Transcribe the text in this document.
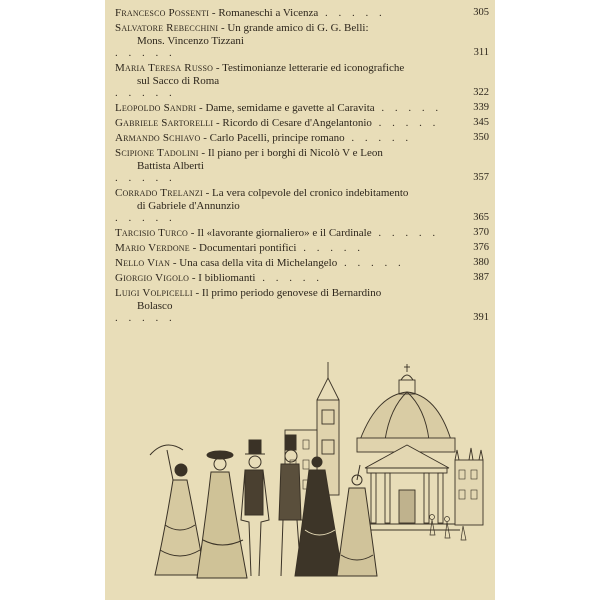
Francesco Possenti - Romaneschi a Vicenza . . . . .	305
Salvatore Rebecchini - Un grande amico di G. G. Belli:
Mons. Vincenzo Tizzani
. . . . .	311
Maria Teresa Russo - Testimonianze letterarie ed iconografiche
sul Sacco di Roma
. . . . .	322
Leopoldo Sandri - Dame, semidame e gavette al Caravita . . . . .	339
Gabriele Sartorelli - Ricordo di Cesare d'Angelantonio . . . . .	345
Armando Schiavo - Carlo Pacelli, principe romano . . . . .	350
Scipione Tadolini - Il piano per i borghi di Nicolò V e Leon
Battista Alberti
. . . . .	357
Corrado Trelanzi - La vera colpevole del cronico indebitamento
di Gabriele d'Annunzio
. . . . .	365
Tarcisio Turco - Il «lavorante giornaliero» e il Cardinale . . . . .	370
Mario Verdone - Documentari pontifici . . . . .	376
Nello Vian - Una casa della vita di Michelangelo . . . . .	380
Giorgio Vigolo - I bibliomanti . . . . .	387
Luigi Volpicelli - Il primo periodo genovese di Bernardino
Bolasco
. . . . .	391
